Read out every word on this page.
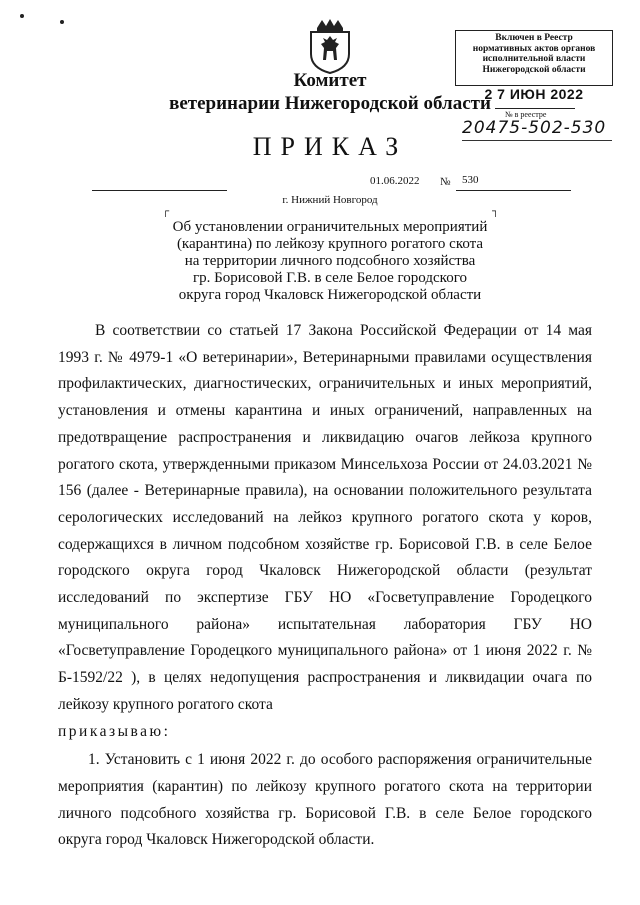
Комитет
ветеринарии Нижегородской области
ПРИКАЗ
Включен в Реестр
нормативных актов органов
исполнительной власти
Нижегородской области
2 7 ИЮН 2022
№ в реестре
20475-502-530
01.06.2022 № 530
г. Нижний Новгород
┌	┐
Об установлении ограничительных мероприятий
(карантина) по лейкозу крупного рогатого скота
на территории личного подсобного хозяйства
гр. Борисовой Г.В. в селе Белое городского
округа город Чкаловск Нижегородской области

В соответствии со статьей 17 Закона Российской Федерации от 14 мая 1993 г. № 4979-1 «О ветеринарии», Ветеринарными правилами осуществления профилактических, диагностических, ограничительных и иных мероприятий, установления и отмены карантина и иных ограничений, направленных на предотвращение распространения и ликвидацию очагов лейкоза крупного рогатого скота, утвержденными приказом Минсельхоза России от 24.03.2021 № 156 (далее - Ветеринарные правила), на основании положительного результата серологических исследований на лейкоз крупного рогатого скота у коров, содержащихся в личном подсобном хозяйстве гр. Борисовой Г.В. в селе Белое городского округа город Чкаловск Нижегородской области (результат исследований по экспертизе ГБУ НО «Госветуправление Городецкого муниципального района» испытательная лаборатория ГБУ НО «Госветуправление Городецкого муниципального района» от 1 июня 2022 г. № Б-1592/22 ), в целях недопущения распространения и ликвидации очага по лейкозу крупного рогатого скота

приказываю:

1. Установить с 1 июня 2022 г. до особого распоряжения ограничительные мероприятия (карантин) по лейкозу крупного рогатого скота на территории личного подсобного хозяйства гр. Борисовой Г.В. в селе Белое городского округа город Чкаловск Нижегородской области.
